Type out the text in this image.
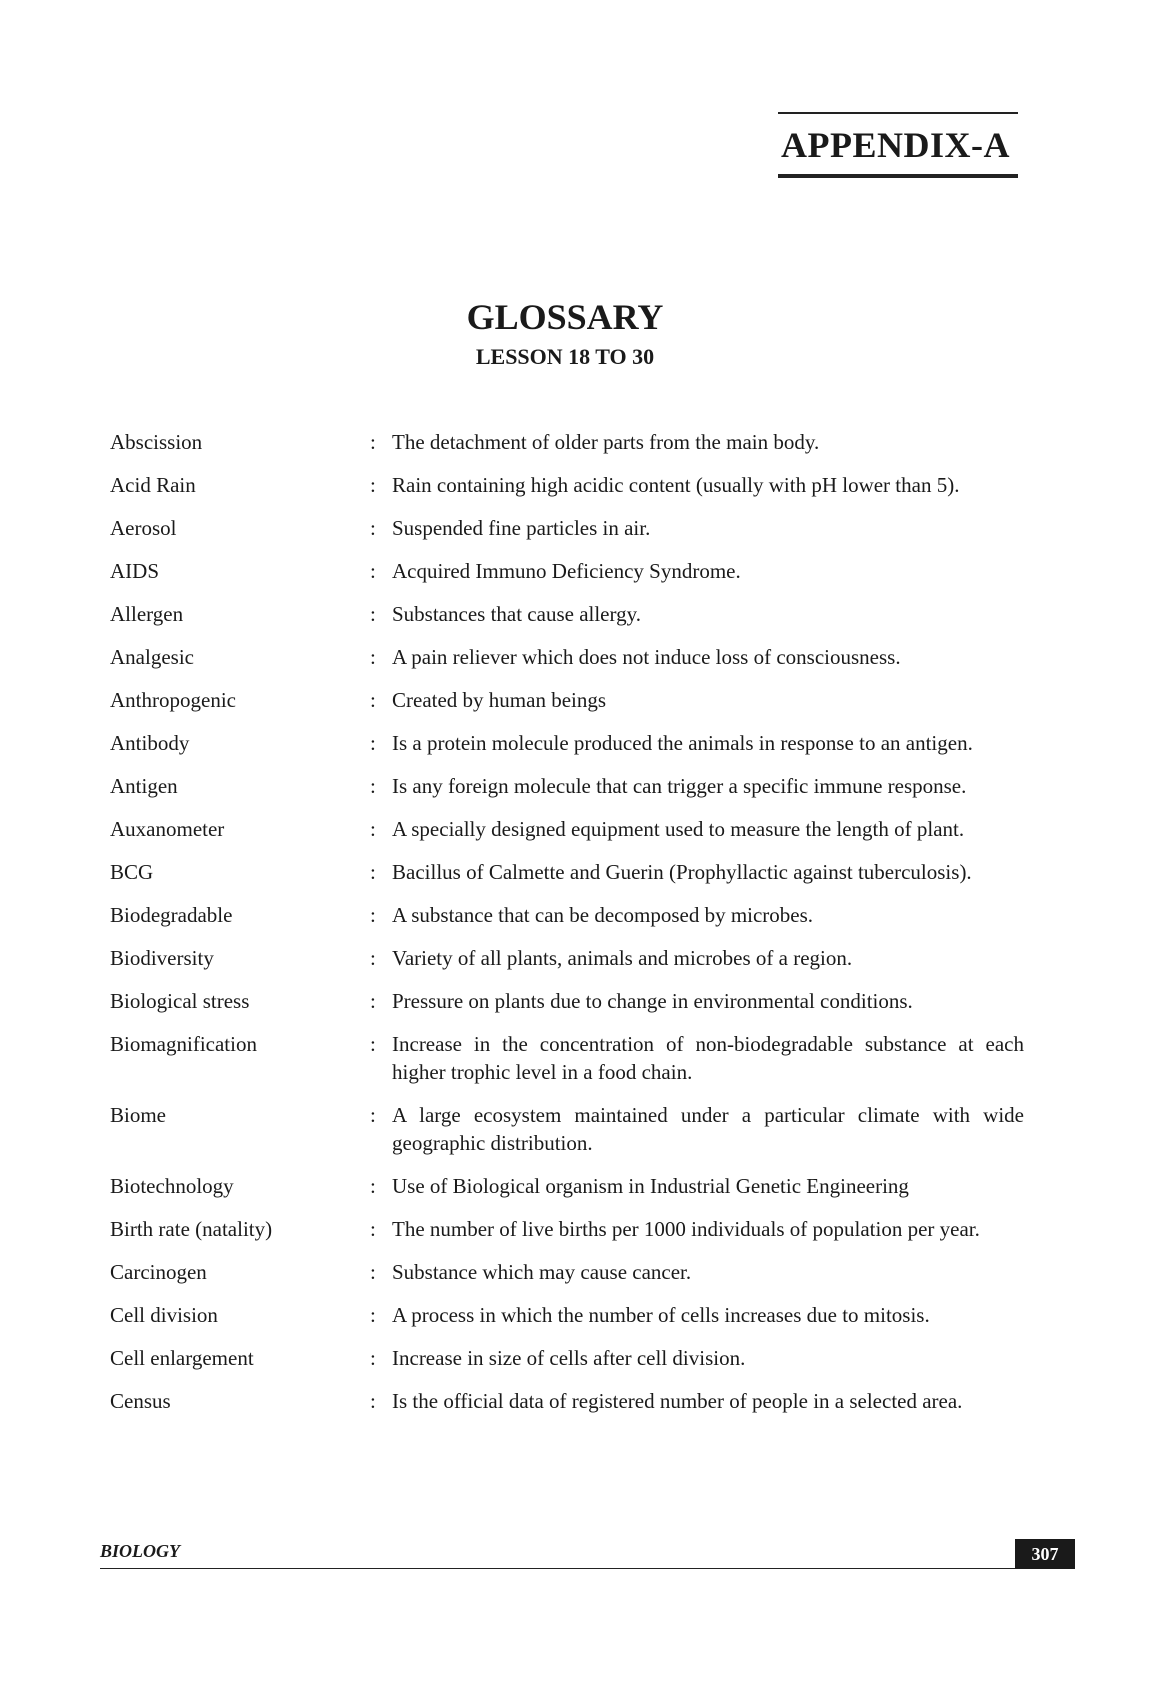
APPENDIX-A
GLOSSARY
LESSON 18 TO 30
Abscission	: The detachment of older parts from the main body.
Acid Rain	: Rain containing high acidic content (usually with pH lower than 5).
Aerosol	: Suspended fine particles in air.
AIDS	: Acquired Immuno Deficiency Syndrome.
Allergen	: Substances that cause allergy.
Analgesic	: A pain reliever which does not induce loss of consciousness.
Anthropogenic	: Created by human beings
Antibody	: Is a protein molecule produced the animals in response to an antigen.
Antigen	: Is any foreign molecule that can trigger a specific immune response.
Auxanometer	: A specially designed equipment used to measure the length of plant.
BCG	: Bacillus of Calmette and Guerin (Prophyllactic against tuberculosis).
Biodegradable	: A substance that can be decomposed by microbes.
Biodiversity	: Variety of all plants, animals and microbes of a region.
Biological stress	: Pressure on plants due to change in environmental conditions.
Biomagnification	: Increase in the concentration of non-biodegradable substance at each higher trophic level in a food chain.
Biome	: A large ecosystem maintained under a particular climate with wide geographic distribution.
Biotechnology	: Use of Biological organism in Industrial Genetic Engineering
Birth rate (natality)	: The number of live births per 1000 individuals of population per year.
Carcinogen	: Substance which may cause cancer.
Cell division	: A process in which the number of cells increases due to mitosis.
Cell enlargement	: Increase in size of cells after cell division.
Census	: Is the official data of registered number of people in a selected area.
BIOLOGY	307
